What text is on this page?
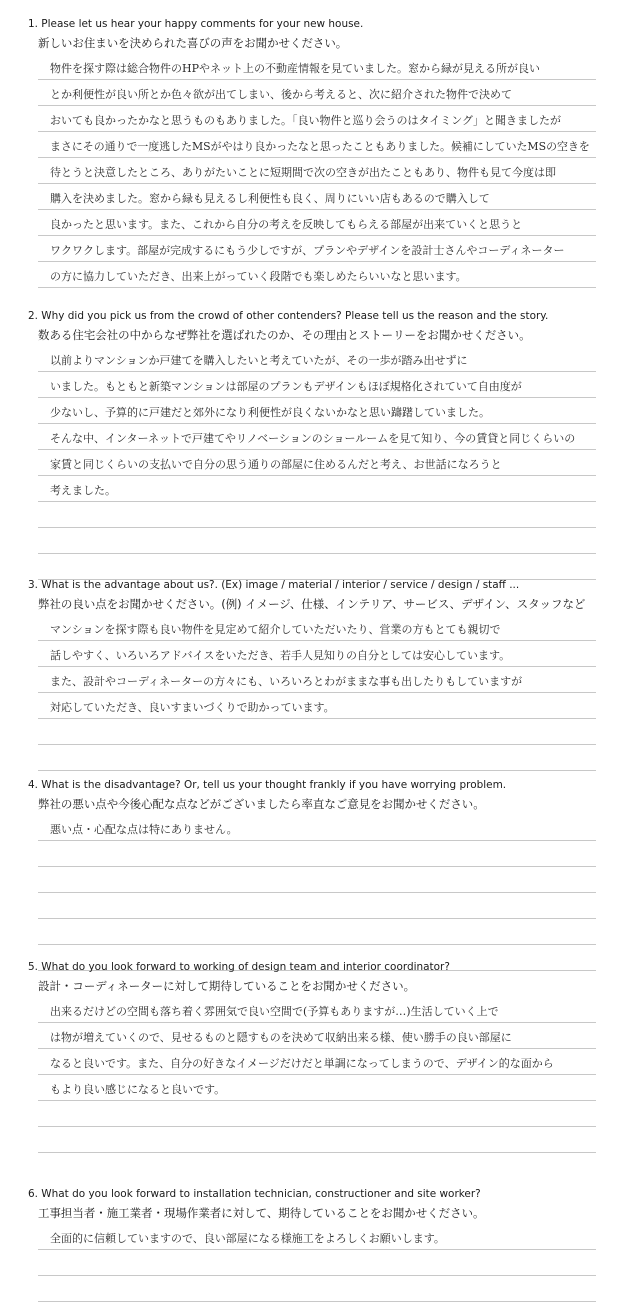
1. Please let us hear your happy comments for your new house. 新しいお住まいを決められた喜びの声をお聞かせください。
物件を探す際は総合物件のHPやネット上の不動産情報を見ていました。窓から緑が見える所が良い
とか利便性が良い所とか色々欲が出てしまい、後から考えると、次に紹介された物件で決めて
おいても良かったかなと思うものもありました。「良い物件と巡り会うのはタイミング」と聞きましたが
まさにその通りで一度逃したMSがやはり良かったなと思ったこともありました。候補にしていたMSの空きを
待とうと決意したところ、ありがたいことに短期間で次の空きが出たこともあり、物件も見て今度は即
購入を決めました。窓から緑も見えるし利便性も良く、周りにいい店もあるので購入して
良かったと思います。また、これから自分の考えを反映してもらえる部屋が出来ていくと思うと
ワクワクします。部屋が完成するにもう少しですが、プランやデザインを設計士さんやコーディネーター
の方に協力していただき、出来上がっていく段階でも楽しめたらいいなと思います。
2. Why did you pick us from the crowd of other contenders? Please tell us the reason and the story. 数ある住宅会社の中からなぜ弊社を選ばれたのか、その理由とストーリーをお聞かせください。
以前よりマンションか戸建てを購入したいと考えていたが、その一歩が踏み出せずに
いました。もともと新築マンションは部屋のプランもデザインもほぼ規格化されていて自由度が
少ないし、予算的に戸建だと郊外になり利便性が良くないかなと思い躊躇していました。
そんな中、インターネットで戸建てやリノベーションのショールームを見て知り、今の賃貸と同じくらいの
家賃と同じくらいの支払いで自分の思う通りの部屋に住めるんだと考え、お世話になろうと
考えました。
3. What is the advantage about us?. (Ex) image / material / interior / service / design / staff ... 弊社の良い点をお聞かせください。(例) イメージ、仕様、インテリア、サービス、デザイン、スタッフなど
マンションを探す際も良い物件を見定めて紹介していただいたり、営業の方もとても親切で
話しやすく、いろいろアドバイスをいただき、若手人見知りの自分としては安心しています。
また、設計やコーディネーターの方々にも、いろいろとわがままな事も出したりもしていますが
対応していただき、良いすまいづくりで助かっています。
4. What is the disadvantage? Or, tell us your thought frankly if you have worrying problem. 弊社の悪い点や今後心配な点などがございましたら率直なご意見をお聞かせください。
悪い点・心配な点は特にありません。
5. What do you look forward to working of design team and interior coordinator? 設計・コーディネーターに対して期待していることをお聞かせください。
出来るだけどの空間も落ち着く雰囲気で良い空間で(予算もありますが…)生活していく上で
は物が増えていくので、見せるものと隠すものを決めて収納出来る様、使い勝手の良い部屋に
なると良いです。また、自分の好きなイメージだけだと単調になってしまうので、デザイン的な面から
もより良い感じになると良いです。
6. What do you look forward to installation technician, constructioner and site worker? 工事担当者・施工業者・現場作業者に対して、期待していることをお聞かせください。
全面的に信頼していますので、良い部屋になる様施工をよろしくお願いします。
